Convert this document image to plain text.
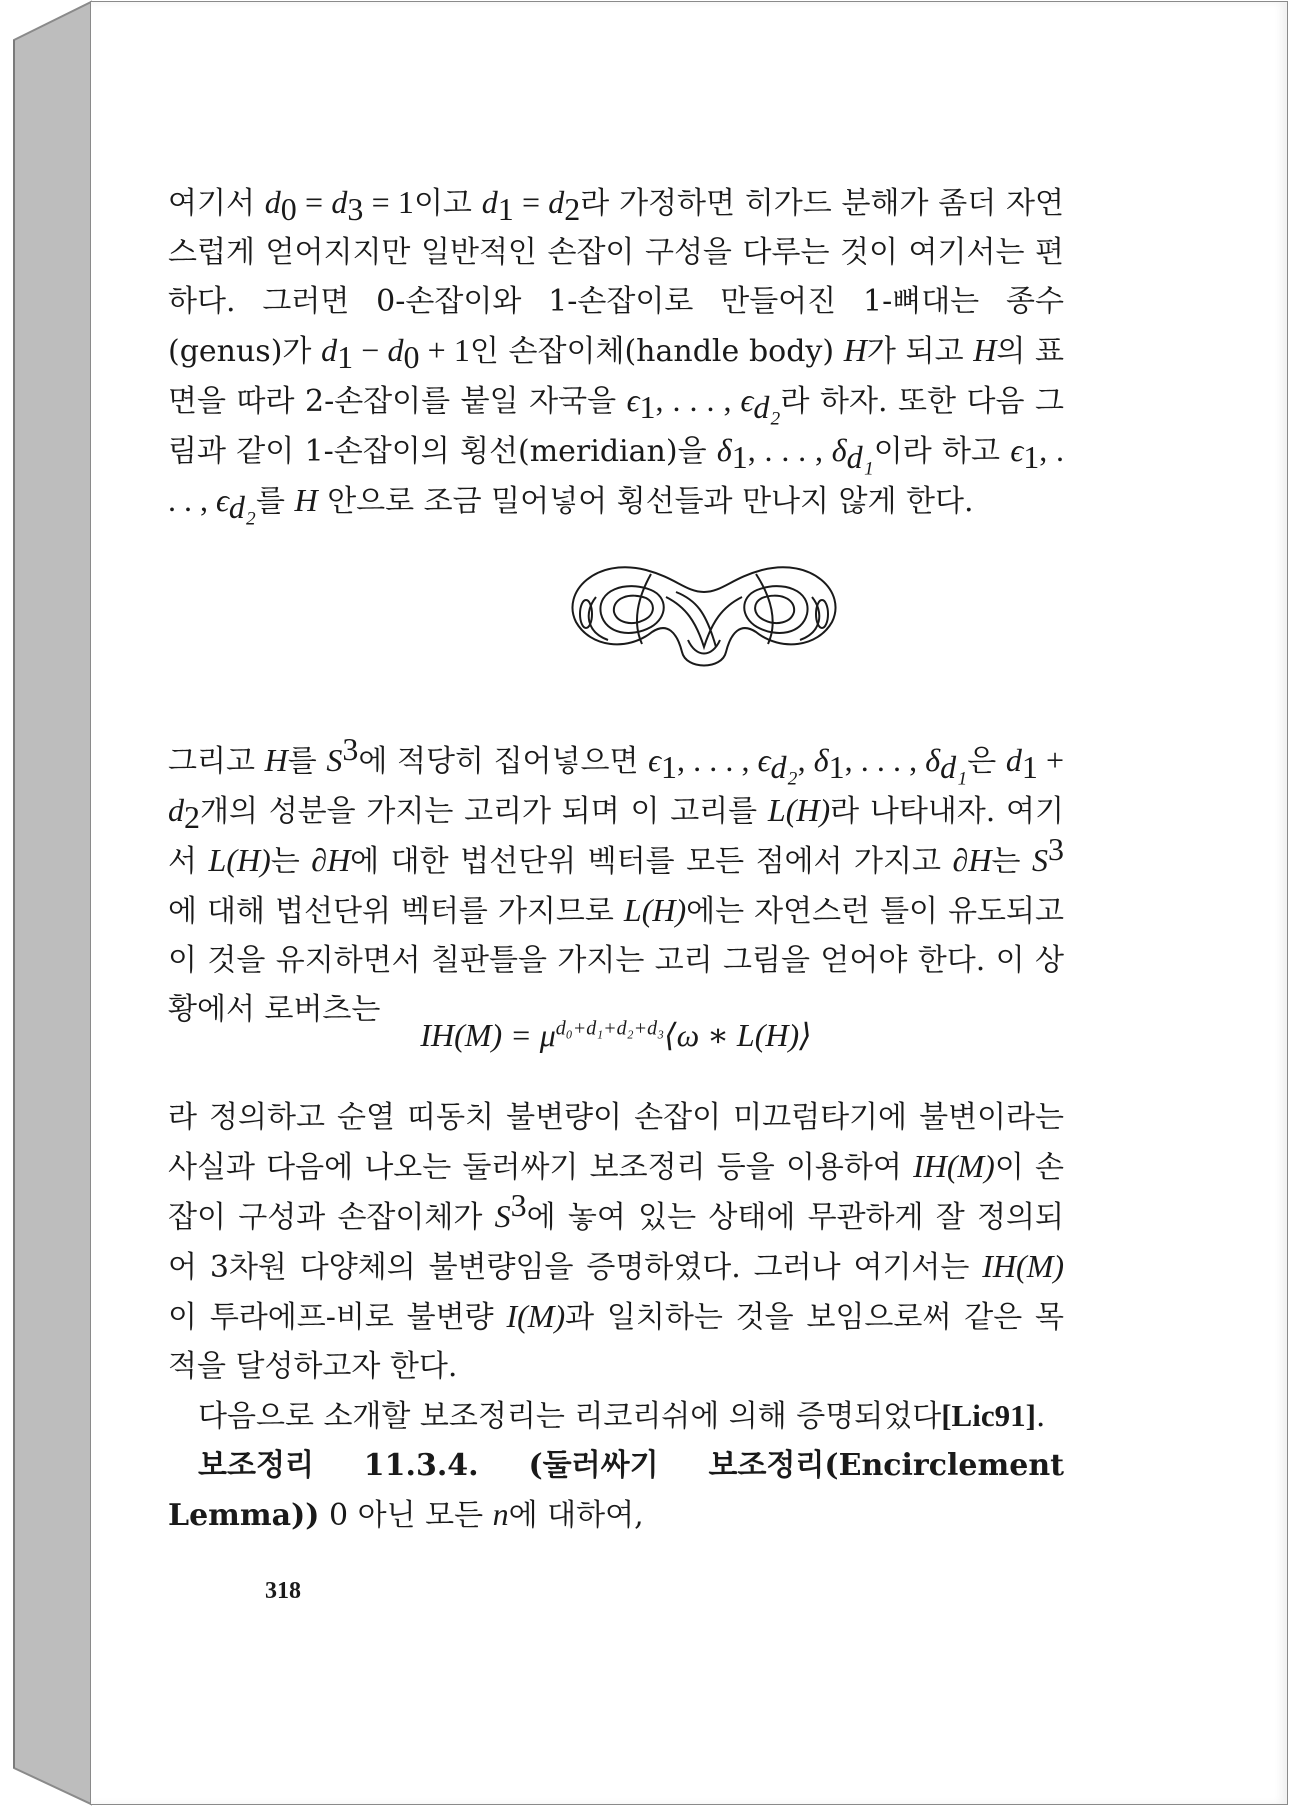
여기서 $d_0 = d_3 = 1$이고 $d_1 = d_2$라 가정하면 히가드 분해가 좀더 자연스럽게 얻어지지만 일반적인 손잡이 구성을 다루는 것이 여기서는 편하다. 그러면 0-손잡이와 1-손잡이로 만들어진 1-뼈대는 종수(genus)가 $d_1 - d_0 + 1$인 손잡이체(handle body) H가 되고 H의 표면을 따라 2-손잡이를 붙일 자국을 $\epsilon_1$, . . . , $\epsilon_{d_2}$라 하자. 또한 다음 그림과 같이 1-손잡이의 횡선(meridian)을 $\delta_1$, . . . , $\delta_{d_1}$이라 하고 $\epsilon_1$, . . . , $\epsilon_{d_2}$를 H 안으로 조금 밀어넣어 횡선들과 만나지 않게 한다.

그리고 H를 $S^3$에 적당히 집어넣으면 $\epsilon_1$, . . . , $\epsilon_{d_2}$, $\delta_1$, . . . , $\delta_{d_1}$은 $d_1 + d_2$개의 성분을 가지는 고리가 되며 이 고리를 L(H)라 나타내자. 여기서 L(H)는 ∂H에 대한 법선단위 벡터를 모든 점에서 가지고 ∂H는 $S^3$에 대해 법선단위 벡터를 가지므로 L(H)에는 자연스런 틀이 유도되고 이 것을 유지하면서 칠판틀을 가지는 고리 그림을 얻어야 한다. 이 상황에서 로버츠는

$IH(M) = \mu^{d_0+d_1+d_2+d_3}⟨\omega$ ∗ L(H)⟩

라 정의하고 순열 띠동치 불변량이 손잡이 미끄럼타기에 불변이라는 사실과 다음에 나오는 둘러싸기 보조정리 등을 이용하여 IH(M)이 손잡이 구성과 손잡이체가 $S^3$에 놓여 있는 상태에 무관하게 잘 정의되어 3차원 다양체의 불변량임을 증명하였다. 그러나 여기서는 IH(M)이 투라에프-비로 불변량 I(M)과 일치하는 것을 보임으로써 같은 목적을 달성하고자 한다.

다음으로 소개할 보조정리는 리코리쉬에 의해 증명되었다[Lic91].

보조정리 11.3.4. (둘러싸기 보조정리(Encirclement Lemma)) 0 아닌 모든 n에 대하여,

318
